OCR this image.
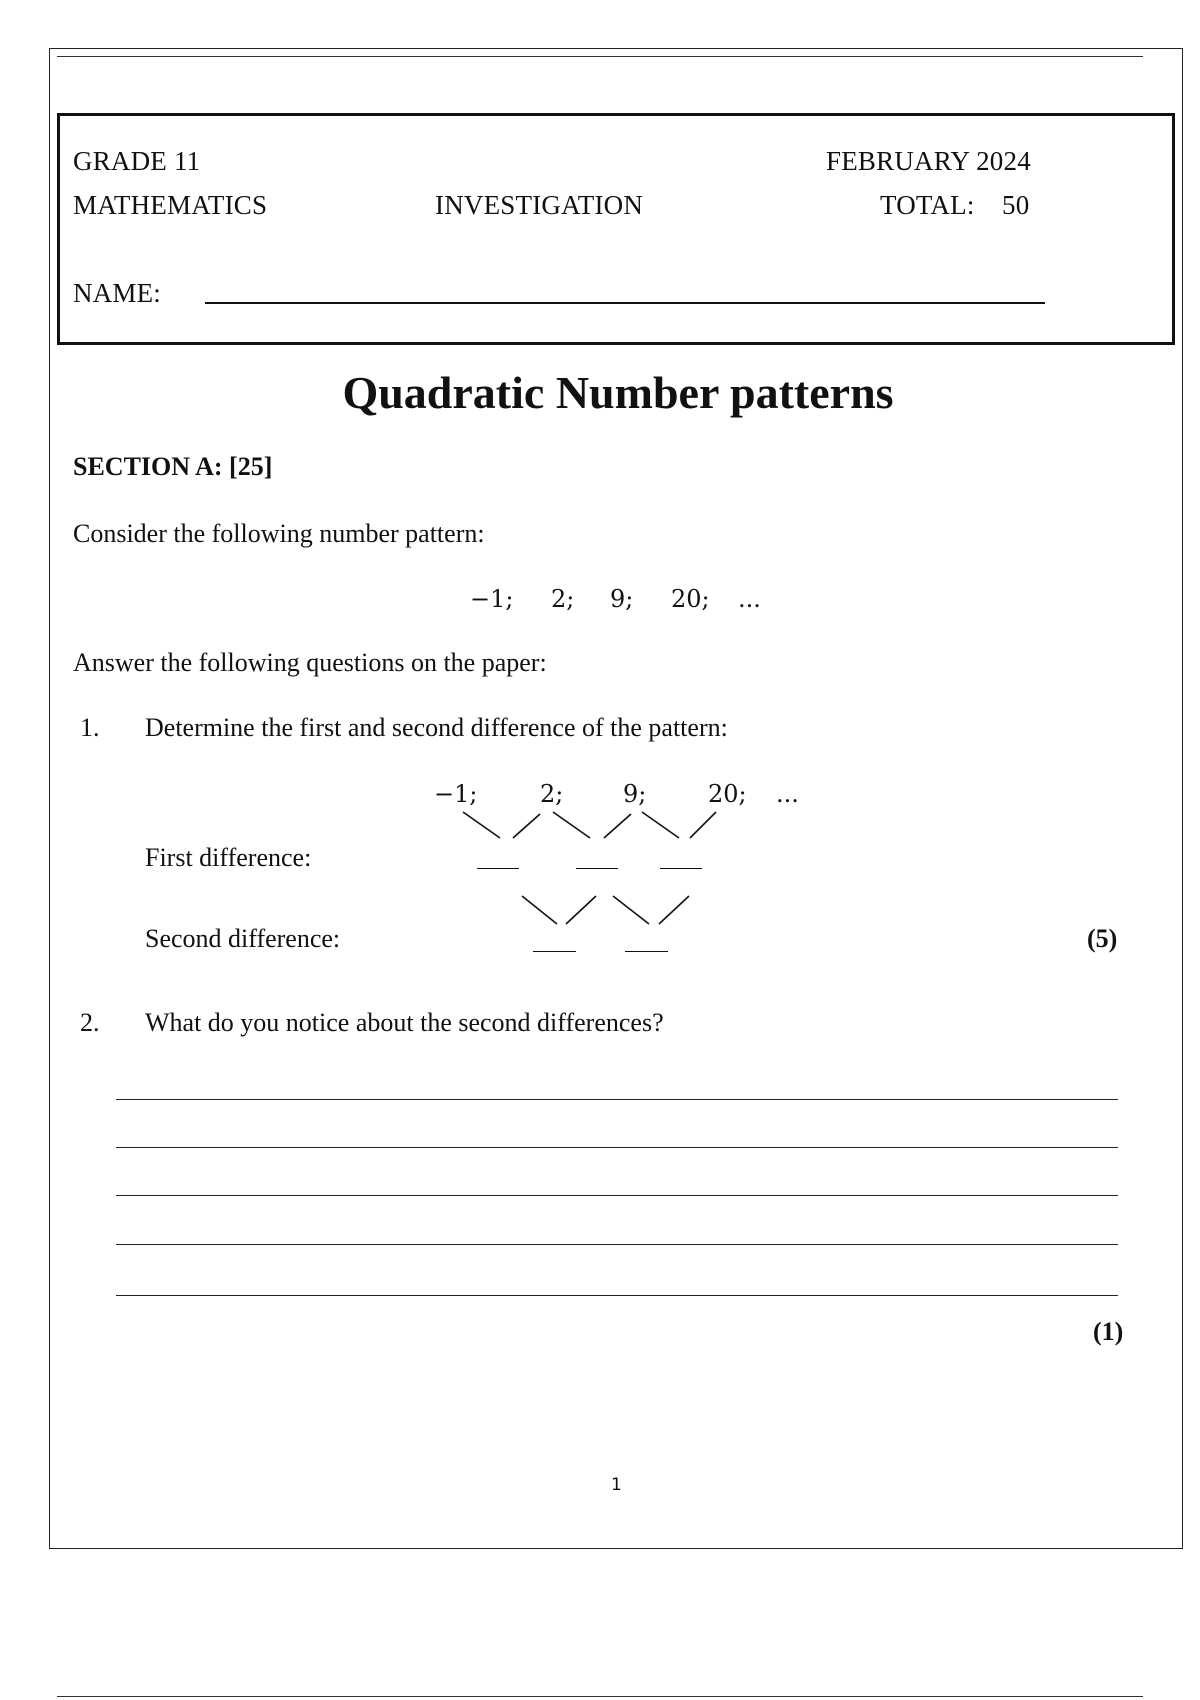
GRADE 11	FEBRUARY 2024
MATHEMATICS	INVESTIGATION	TOTAL: 50
NAME:
Quadratic Number patterns
SECTION A: [25]
Consider the following number pattern:
−1; 2; 9; 20; ...
Answer the following questions on the paper:
1. Determine the first and second difference of the pattern:
−1;	2; 9;	20; ...
First difference:
Second difference:	(5)
2. What do you notice about the second differences?
(1)
1
